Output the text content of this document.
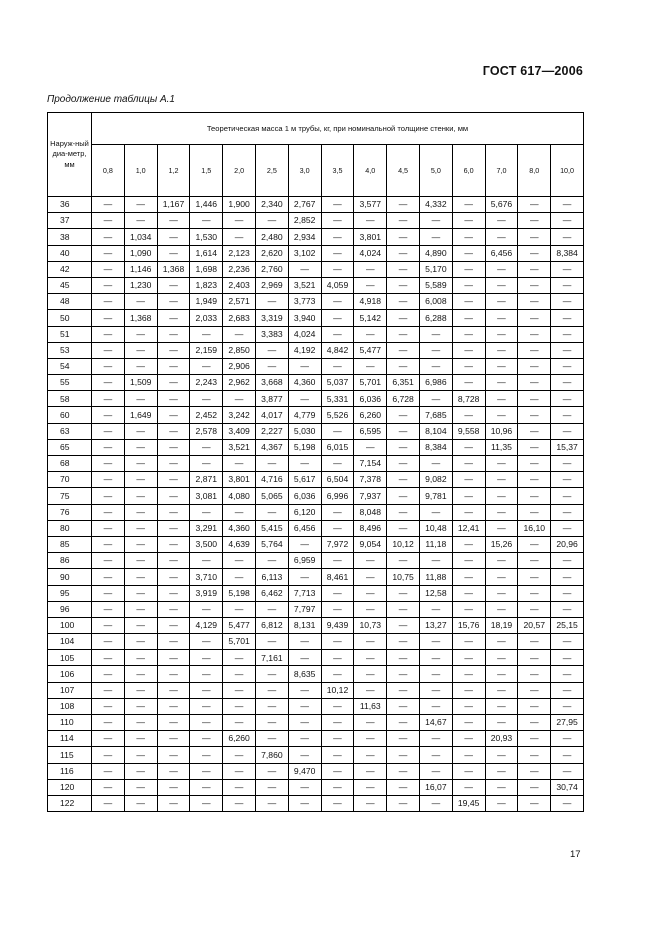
ГОСТ 617—2006
Продолжение таблицы А.1
Наруж-ный диа-метр, мм	Теоретическая масса 1 м трубы, кг, при номинальной толщине стенки, мм														
	0,8	1,0	1,2	1,5	2,0	2,5	3,0	3,5	4,0	4,5	5,0	6,0	7,0	8,0	10,0
36	—	—	1,167	1,446	1,900	2,340	2,767	—	3,577	—	4,332	—	5,676	—	—
37	—	—	—	—	—	—	2,852	—	—	—	—	—	—	—	—
38	—	1,034	—	1,530	—	2,480	2,934	—	3,801	—	—	—	—	—	—
40	—	1,090	—	1,614	2,123	2,620	3,102	—	4,024	—	4,890	—	6,456	—	8,384
42	—	1,146	1,368	1,698	2,236	2,760	—	—	—	—	5,170	—	—	—	—
45	—	1,230	—	1,823	2,403	2,969	3,521	4,059	—	—	5,589	—	—	—	—
48	—	—	—	1,949	2,571	—	3,773	—	4,918	—	6,008	—	—	—	—
50	—	1,368	—	2,033	2,683	3,319	3,940	—	5,142	—	6,288	—	—	—	—
51	—	—	—	—	—	3,383	4,024	—	—	—	—	—	—	—	—
53	—	—	—	2,159	2,850	—	4,192	4,842	5,477	—	—	—	—	—	—
54	—	—	—	—	2,906	—	—	—	—	—	—	—	—	—	—
55	—	1,509	—	2,243	2,962	3,668	4,360	5,037	5,701	6,351	6,986	—	—	—	—
58	—	—	—	—	—	3,877	—	5,331	6,036	6,728	—	8,728	—	—	—
60	—	1,649	—	2,452	3,242	4,017	4,779	5,526	6,260	—	7,685	—	—	—	—
63	—	—	—	2,578	3,409	2,227	5,030	—	6,595	—	8,104	9,558	10,96	—	—
65	—	—	—	—	3,521	4,367	5,198	6,015	—	—	8,384	—	11,35	—	15,37
68	—	—	—	—	—	—	—	—	7,154	—	—	—	—	—	—
70	—	—	—	2,871	3,801	4,716	5,617	6,504	7,378	—	9,082	—	—	—	—
75	—	—	—	3,081	4,080	5,065	6,036	6,996	7,937	—	9,781	—	—	—	—
76	—	—	—	—	—	—	6,120	—	8,048	—	—	—	—	—	—
80	—	—	—	3,291	4,360	5,415	6,456	—	8,496	—	10,48	12,41	—	16,10	—
85	—	—	—	3,500	4,639	5,764	—	7,972	9,054	10,12	11,18	—	15,26	—	20,96
86	—	—	—	—	—	—	6,959	—	—	—	—	—	—	—	—
90	—	—	—	3,710	—	6,113	—	8,461	—	10,75	11,88	—	—	—	—
95	—	—	—	3,919	5,198	6,462	7,713	—	—	—	12,58	—	—	—	—
96	—	—	—	—	—	—	7,797	—	—	—	—	—	—	—	—
100	—	—	—	4,129	5,477	6,812	8,131	9,439	10,73	—	13,27	15,76	18,19	20,57	25,15
104	—	—	—	—	5,701	—	—	—	—	—	—	—	—	—	—
105	—	—	—	—	—	7,161	—	—	—	—	—	—	—	—	—
106	—	—	—	—	—	—	8,635	—	—	—	—	—	—	—	—
107	—	—	—	—	—	—	—	10,12	—	—	—	—	—	—	—
108	—	—	—	—	—	—	—	—	11,63	—	—	—	—	—	—
110	—	—	—	—	—	—	—	—	—	—	14,67	—	—	—	27,95
114	—	—	—	—	6,260	—	—	—	—	—	—	—	20,93	—	—
115	—	—	—	—	—	7,860	—	—	—	—	—	—	—	—	—
116	—	—	—	—	—	—	9,470	—	—	—	—	—	—	—	—
120	—	—	—	—	—	—	—	—	—	—	16,07	—	—	—	30,74
122	—	—	—	—	—	—	—	—	—	—	—	19,45	—	—	—
17
